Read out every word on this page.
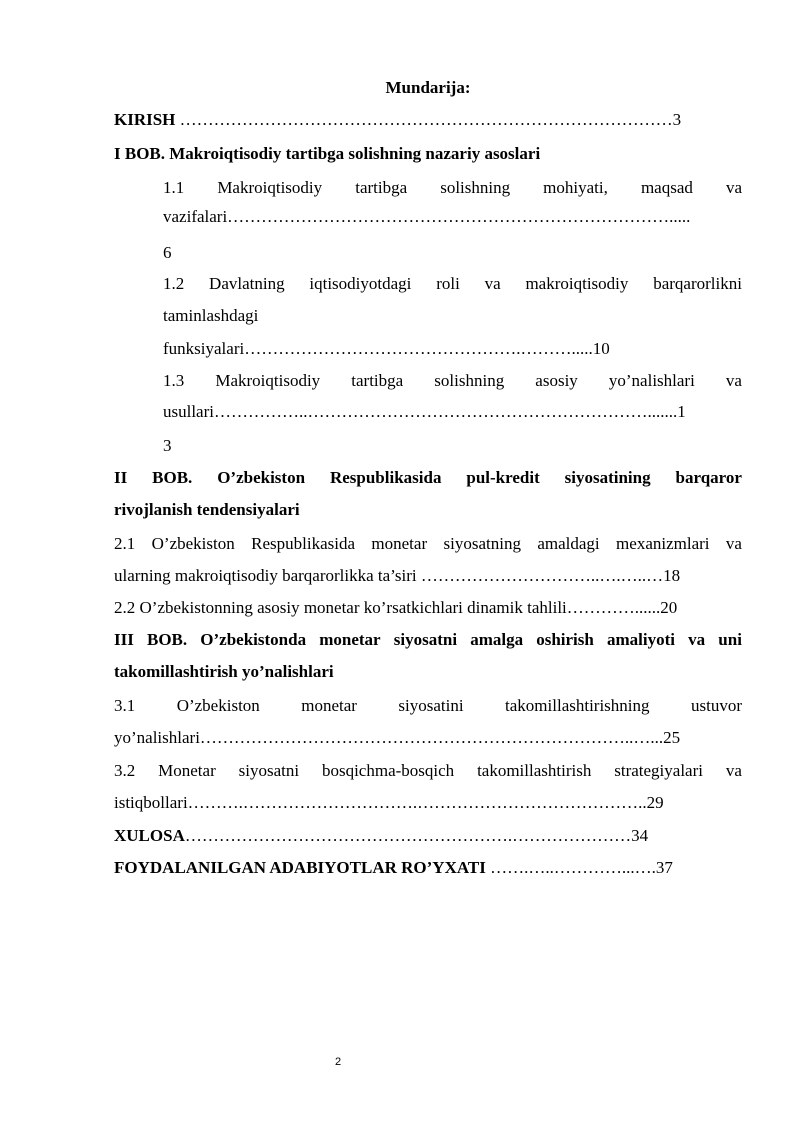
Mundarija:
KIRISH ……………………………………………………………………………3
I BOB. Makroiqtisodiy tartibga solishning nazariy asoslari
1.1 Makroiqtisodiy tartibga solishning mohiyati, maqsad va
vazifalari…………………………………………………………………….....
6
1.2 Davlatning iqtisodiyotdagi roli va makroiqtisodiy barqarorlikni
taminlashdagi
funksiyalari………………………………………….……….....10
1.3 Makroiqtisodiy tartibga solishning asosiy yo’nalishlari va
usullari……………..…………………………………………………….......1
3
II BOB. O’zbekiston Respublikasida pul-kredit siyosatining barqaror
rivojlanish tendensiyalari
2.1 O’zbekiston Respublikasida monetar siyosatning amaldagi mexanizmlari va
ularning makroiqtisodiy barqarorlikka ta’siri …………………………..….…..…18
2.2 O’zbekistonning asosiy monetar ko’rsatkichlari dinamik tahlili…………......20
III BOB. O’zbekistonda monetar siyosatni amalga oshirish amaliyoti va uni
takomillashtirish yo’nalishlari
3.1 O’zbekiston monetar siyosatini takomillashtirishning ustuvor
yo’nalishlari…………………………………………………………………..…...25
3.2 Monetar siyosatni bosqichma-bosqich takomillashtirish strategiyalari va
istiqbollari……….………………………….…………………………………..29
XULOSA………………………………………………….…………………34
FOYDALANILGAN ADABIYOTLAR RO’YXATI …….…..…………...….37
2
